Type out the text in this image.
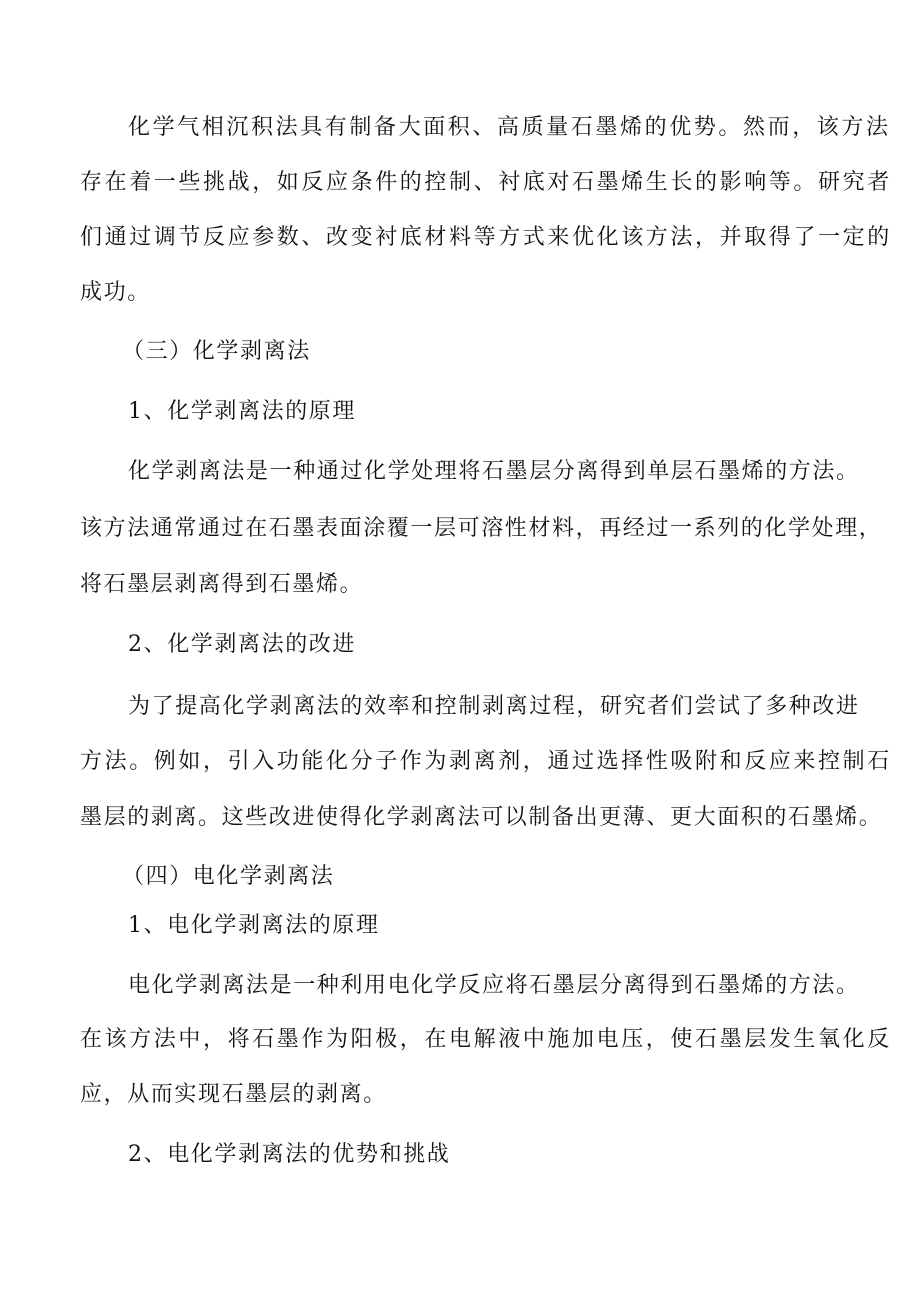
化学气相沉积法具有制备大面积、高质量石墨烯的优势。然而，该方法
存在着一些挑战，如反应条件的控制、衬底对石墨烯生长的影响等。研究者
们通过调节反应参数、改变衬底材料等方式来优化该方法，并取得了一定的
成功。
（三）化学剥离法
1、化学剥离法的原理
化学剥离法是一种通过化学处理将石墨层分离得到单层石墨烯的方法。
该方法通常通过在石墨表面涂覆一层可溶性材料，再经过一系列的化学处理，
将石墨层剥离得到石墨烯。
2、化学剥离法的改进
为了提高化学剥离法的效率和控制剥离过程，研究者们尝试了多种改进
方法。例如，引入功能化分子作为剥离剂，通过选择性吸附和反应来控制石
墨层的剥离。这些改进使得化学剥离法可以制备出更薄、更大面积的石墨烯。
（四）电化学剥离法
1、电化学剥离法的原理
电化学剥离法是一种利用电化学反应将石墨层分离得到石墨烯的方法。
在该方法中，将石墨作为阳极，在电解液中施加电压，使石墨层发生氧化反
应，从而实现石墨层的剥离。
2、电化学剥离法的优势和挑战
